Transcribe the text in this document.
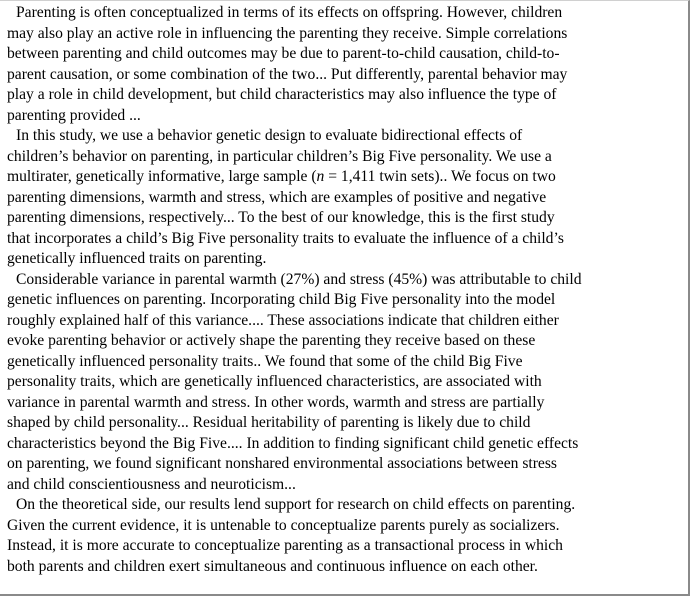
Parenting is often conceptualized in terms of its effects on offspring. However, children
may also play an active role in influencing the parenting they receive. Simple correlations
between parenting and child outcomes may be due to parent-to-child causation, child-to-
parent causation, or some combination of the two... Put differently, parental behavior may
play a role in child development, but child characteristics may also influence the type of
parenting provided ...

In this study, we use a behavior genetic design to evaluate bidirectional effects of
children’s behavior on parenting, in particular children’s Big Five personality. We use a
multirater, genetically informative, large sample (n = 1,411 twin sets).. We focus on two
parenting dimensions, warmth and stress, which are examples of positive and negative
parenting dimensions, respectively... To the best of our knowledge, this is the first study
that incorporates a child’s Big Five personality traits to evaluate the influence of a child’s
genetically influenced traits on parenting.

Considerable variance in parental warmth (27%) and stress (45%) was attributable to child
genetic influences on parenting. Incorporating child Big Five personality into the model
roughly explained half of this variance.... These associations indicate that children either
evoke parenting behavior or actively shape the parenting they receive based on these
genetically influenced personality traits.. We found that some of the child Big Five
personality traits, which are genetically influenced characteristics, are associated with
variance in parental warmth and stress. In other words, warmth and stress are partially
shaped by child personality... Residual heritability of parenting is likely due to child
characteristics beyond the Big Five.... In addition to finding significant child genetic effects
on parenting, we found significant nonshared environmental associations between stress
and child conscientiousness and neuroticism...

On the theoretical side, our results lend support for research on child effects on parenting.
Given the current evidence, it is untenable to conceptualize parents purely as socializers.
Instead, it is more accurate to conceptualize parenting as a transactional process in which
both parents and children exert simultaneous and continuous influence on each other.
